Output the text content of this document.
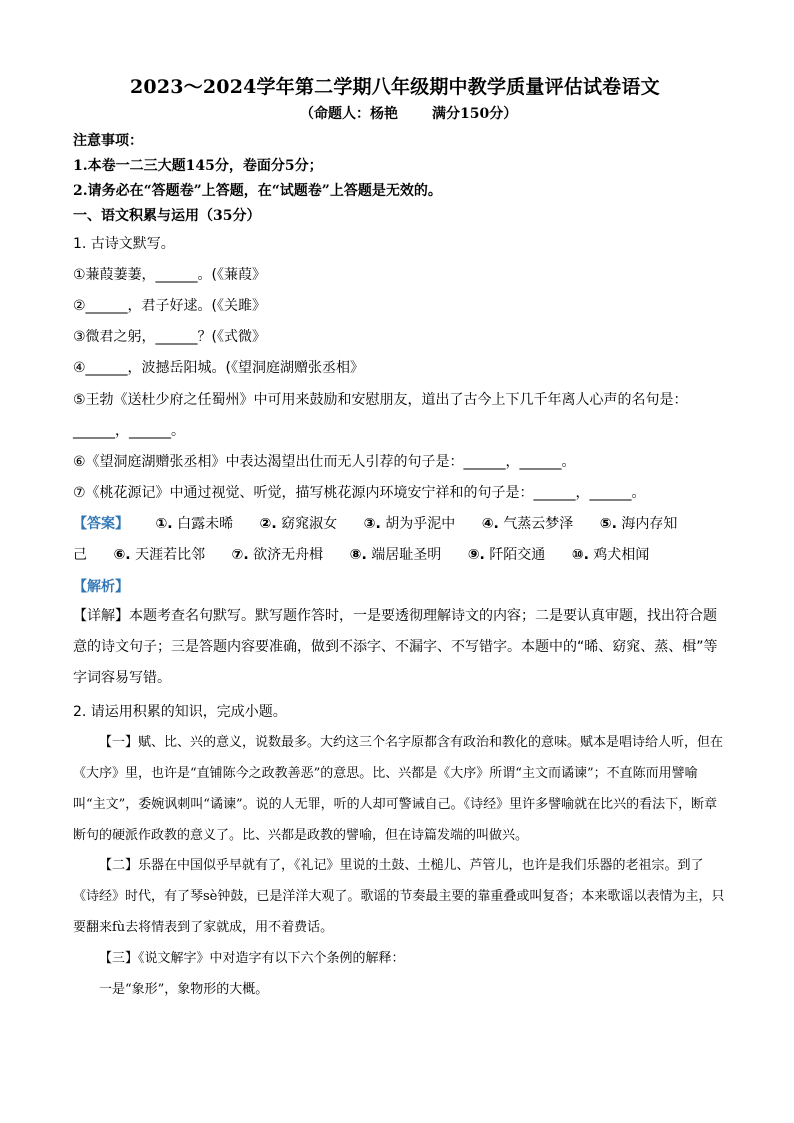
2023～2024学年第二学期八年级期中教学质量评估试卷语文
（命题人：杨艳 满分150分）
注意事项：
1.本卷一二三大题145分，卷面分5分；
2.请务必在“答题卷”上答题，在“试题卷”上答题是无效的。
一、语文积累与运用（35分）
1. 古诗文默写。
①蒹葭萋萋，______。(《蒹葭》
②______，君子好逑。(《关雎》
③微君之躬，______？(《式微》
④______，波撼岳阳城。(《望洞庭湖赠张丞相》
⑤王勃《送杜少府之任蜀州》中可用来鼓励和安慰朋友，道出了古今上下几千年离人心声的名句是：
______，______。
⑥《望洞庭湖赠张丞相》中表达渴望出仕而无人引荐的句子是：______，______。
⑦《桃花源记》中通过视觉、听觉，描写桃花源内环境安宁祥和的句子是：______，______。
【答案】 ①. 白露未晞 ②. 窈窕淑女 ③. 胡为乎泥中 ④. 气蒸云梦泽 ⑤. 海内存知
己 ⑥. 天涯若比邻 ⑦. 欲济无舟楫 ⑧. 端居耻圣明 ⑨. 阡陌交通 ⑩. 鸡犬相闻
【解析】
【详解】本题考查名句默写。默写题作答时，一是要透彻理解诗文的内容；二是要认真审题，找出符合题意的诗文句子；三是答题内容要准确，做到不添字、不漏字、不写错字。本题中的“晞、窈窕、蒸、楫”等字词容易写错。
2. 请运用积累的知识，完成小题。
【一】赋、比、兴的意义，说数最多。大约这三个名字原都含有政治和教化的意味。赋本是唱诗给人听，但在《大序》里，也许是“直铺陈今之政教善恶”的意思。比、兴都是《大序》所谓“主文而谲谏”；不直陈而用譬喻叫“主文”，委婉讽刺叫“谲谏”。说的人无罪，听的人却可警诫自己。《诗经》里许多譬喻就在比兴的看法下，断章断句的硬派作政教的意义了。比、兴都是政教的譬喻，但在诗篇发端的叫做兴。
【二】乐器在中国似乎早就有了，《礼记》里说的土鼓、土槌儿、芦管儿，也许是我们乐器的老祖宗。到了《诗经》时代，有了琴sè钟鼓，已是洋洋大观了。歌谣的节奏最主要的靠重叠或叫复沓；本来歌谣以表情为主，只要翻来fù去将情表到了家就成，用不着费话。
【三】《说文解字》中对造字有以下六个条例的解释：
一是“象形”，象物形的大概。
